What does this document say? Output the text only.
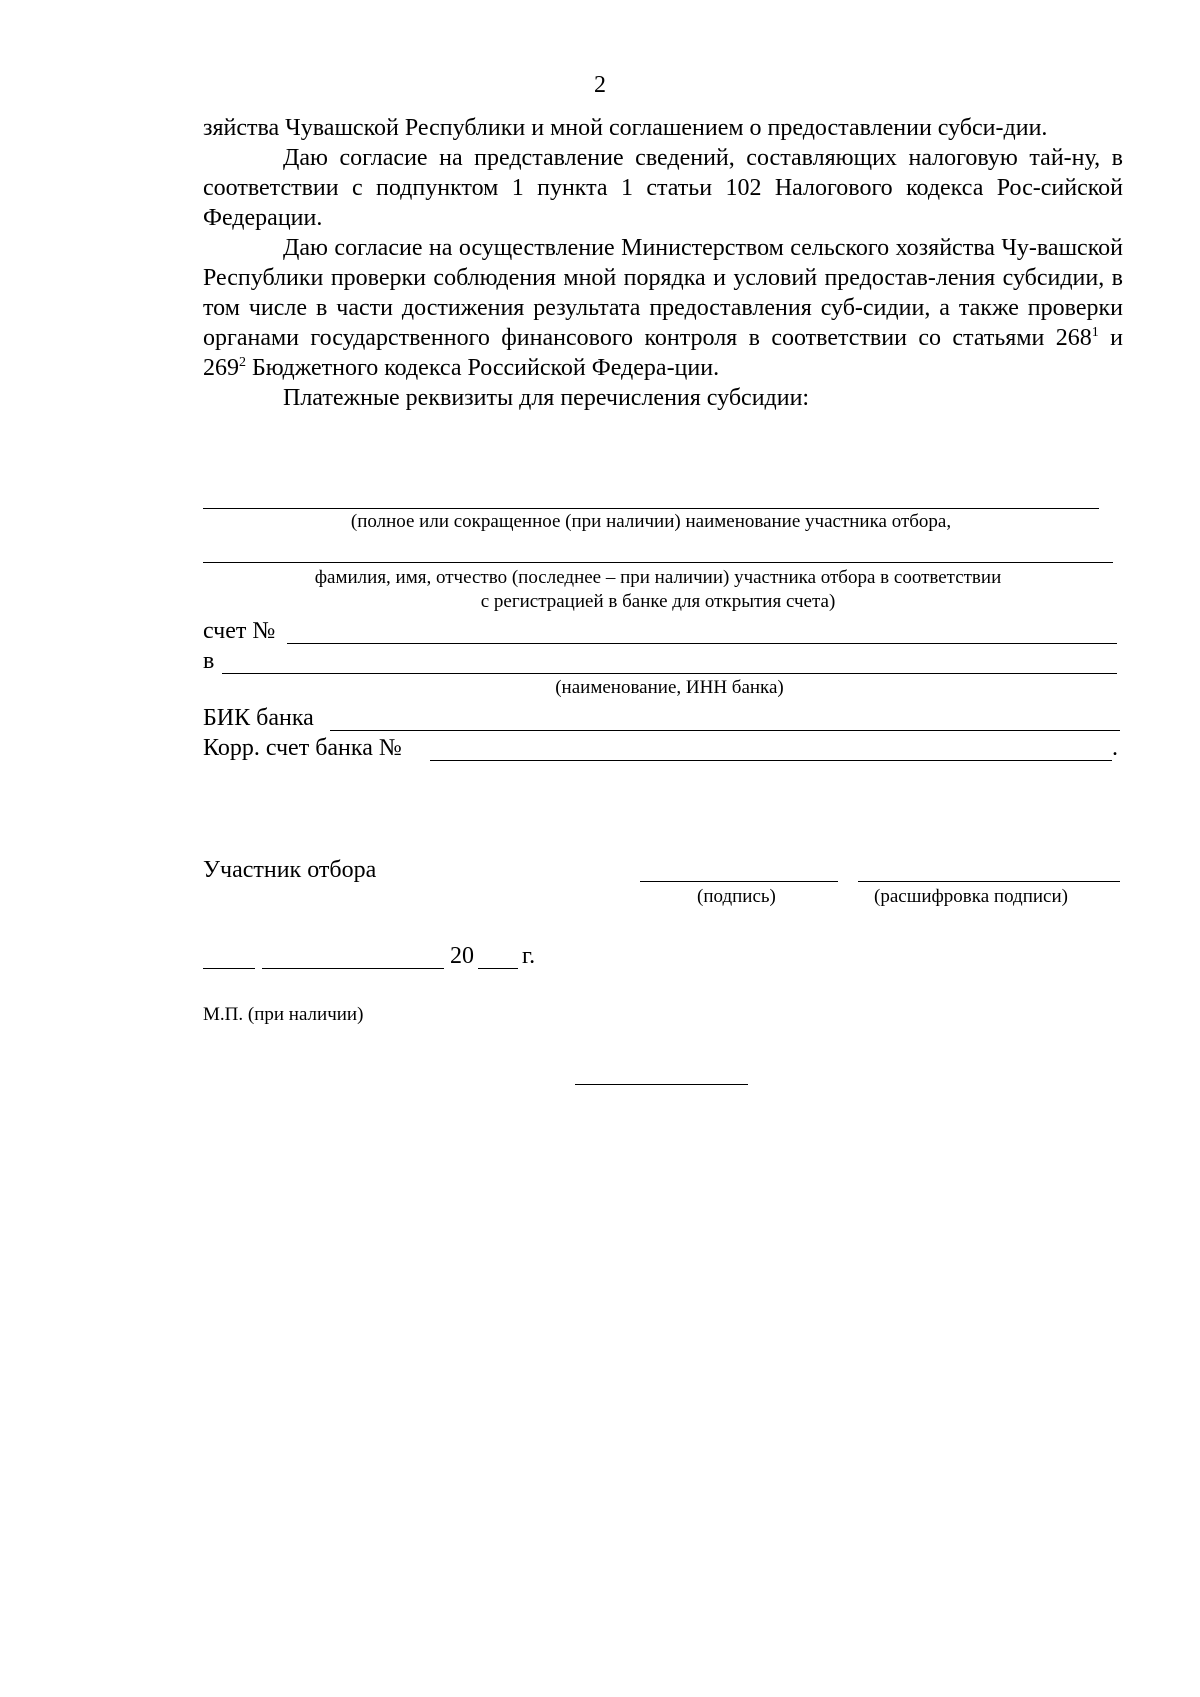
2

зяйства Чувашской Республики и мной соглашением о предоставлении субси-дии.

Даю согласие на представление сведений, составляющих налоговую тай-ну, в соответствии с подпунктом 1 пункта 1 статьи 102 Налогового кодекса Рос-сийской Федерации.

Даю согласие на осуществление Министерством сельского хозяйства Чу-вашской Республики проверки соблюдения мной порядка и условий предостав-ления субсидии, в том числе в части достижения результата предоставления суб-сидии, а также проверки органами государственного финансового контроля в соответствии со статьями $268^1$ и $269^2$ Бюджетного кодекса Российской Федера-ции.

Платежные реквизиты для перечисления субсидии:

(полное или сокращенное (при наличии) наименование участника отбора,
фамилия, имя, отчество (последнее – при наличии) участника отбора в соответствии
с регистрацией в банке для открытия счета)
счет №
в
(наименование, ИНН банка)
БИК банка
Корр. счет банка №	.
Участник отбора
(подпись)	(расшифровка подписи)
20 г.
М.П. (при наличии)
